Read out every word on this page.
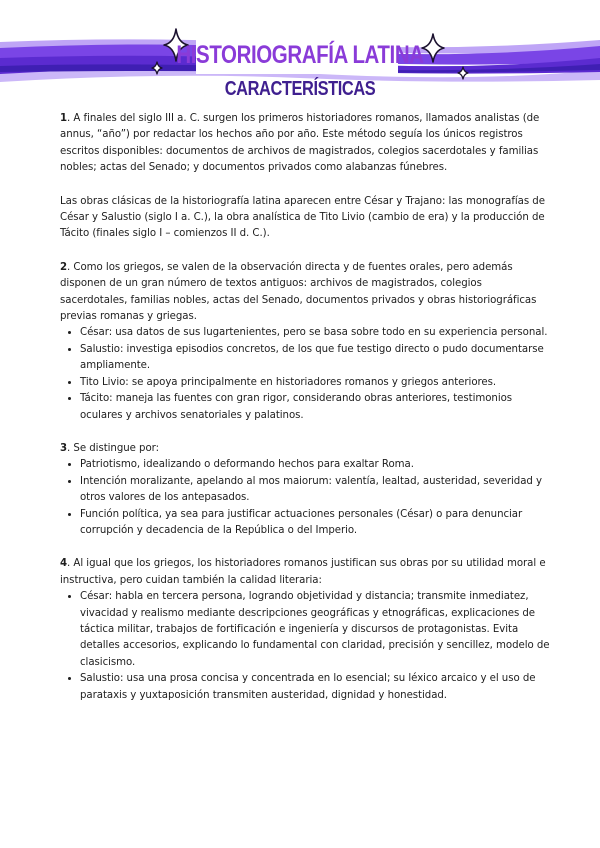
HISTORIOGRAFÍA LATINA
CARACTERÍSTICAS

1. A finales del siglo III a. C. surgen los primeros historiadores romanos, llamados analistas (de annus, “año”) por redactar los hechos año por año. Este método seguía los únicos registros escritos disponibles: documentos de archivos de magistrados, colegios sacerdotales y familias nobles; actas del Senado; y documentos privados como alabanzas fúnebres.

Las obras clásicas de la historiografía latina aparecen entre César y Trajano: las monografías de César y Salustio (siglo I a. C.), la obra analística de Tito Livio (cambio de era) y la producción de Tácito (finales siglo I – comienzos II d. C.).

2. Como los griegos, se valen de la observación directa y de fuentes orales, pero además disponen de un gran número de textos antiguos: archivos de magistrados, colegios sacerdotales, familias nobles, actas del Senado, documentos privados y obras historiográficas previas romanas y griegas.

• César: usa datos de sus lugartenientes, pero se basa sobre todo en su experiencia personal.
• Salustio: investiga episodios concretos, de los que fue testigo directo o pudo documentarse ampliamente.
• Tito Livio: se apoya principalmente en historiadores romanos y griegos anteriores.
• Tácito: maneja las fuentes con gran rigor, considerando obras anteriores, testimonios oculares y archivos senatoriales y palatinos.

3. Se distingue por:

• Patriotismo, idealizando o deformando hechos para exaltar Roma.
• Intención moralizante, apelando al mos maiorum: valentía, lealtad, austeridad, severidad y otros valores de los antepasados.
• Función política, ya sea para justificar actuaciones personales (César) o para denunciar corrupción y decadencia de la República o del Imperio.

4. Al igual que los griegos, los historiadores romanos justifican sus obras por su utilidad moral e instructiva, pero cuidan también la calidad literaria:

• César: habla en tercera persona, logrando objetividad y distancia; transmite inmediatez, vivacidad y realismo mediante descripciones geográficas y etnográficas, explicaciones de táctica militar, trabajos de fortificación e ingeniería y discursos de protagonistas. Evita detalles accesorios, explicando lo fundamental con claridad, precisión y sencillez, modelo de clasicismo.
• Salustio: usa una prosa concisa y concentrada en lo esencial; su léxico arcaico y el uso de parataxis y yuxtaposición transmiten austeridad, dignidad y honestidad.
